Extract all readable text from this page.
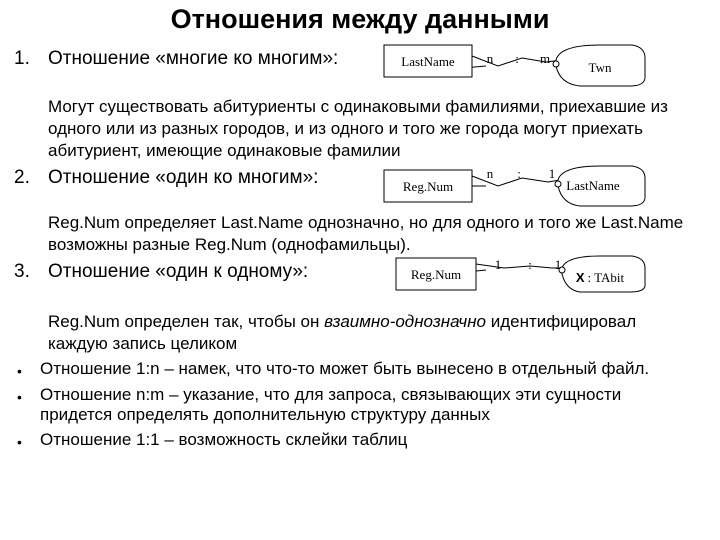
Отношения между данными
1. Отношение «многие ко многим»:
Могут существовать абитуриенты с одинаковыми фамилиями, приехавшие из
одного или из разных городов, и из одного и того же города могут приехать
абитуриент, имеющие одинаковые фамилии
2. Отношение «один ко многим»:
Reg.Num определяет Last.Name однозначно, но для одного и того же Last.Name
возможны разные Reg.Num (однофамильцы).
3. Отношение «один к одному»:
Reg.Num определен так, чтобы он взаимно-однозначно идентифицировал
каждую запись целиком
• Отношение 1:n – намек, что что-то может быть вынесено в отдельный файл.
• Отношение n:m – указание, что для запроса, связывающих эти сущности
придется определять дополнительную структуру данных
• Отношение 1:1 – возможность склейки таблиц
LastName	Twn
n : m
Reg.Num	LastName
n : 1
Reg.Num	X : TAbit
1 : 1
